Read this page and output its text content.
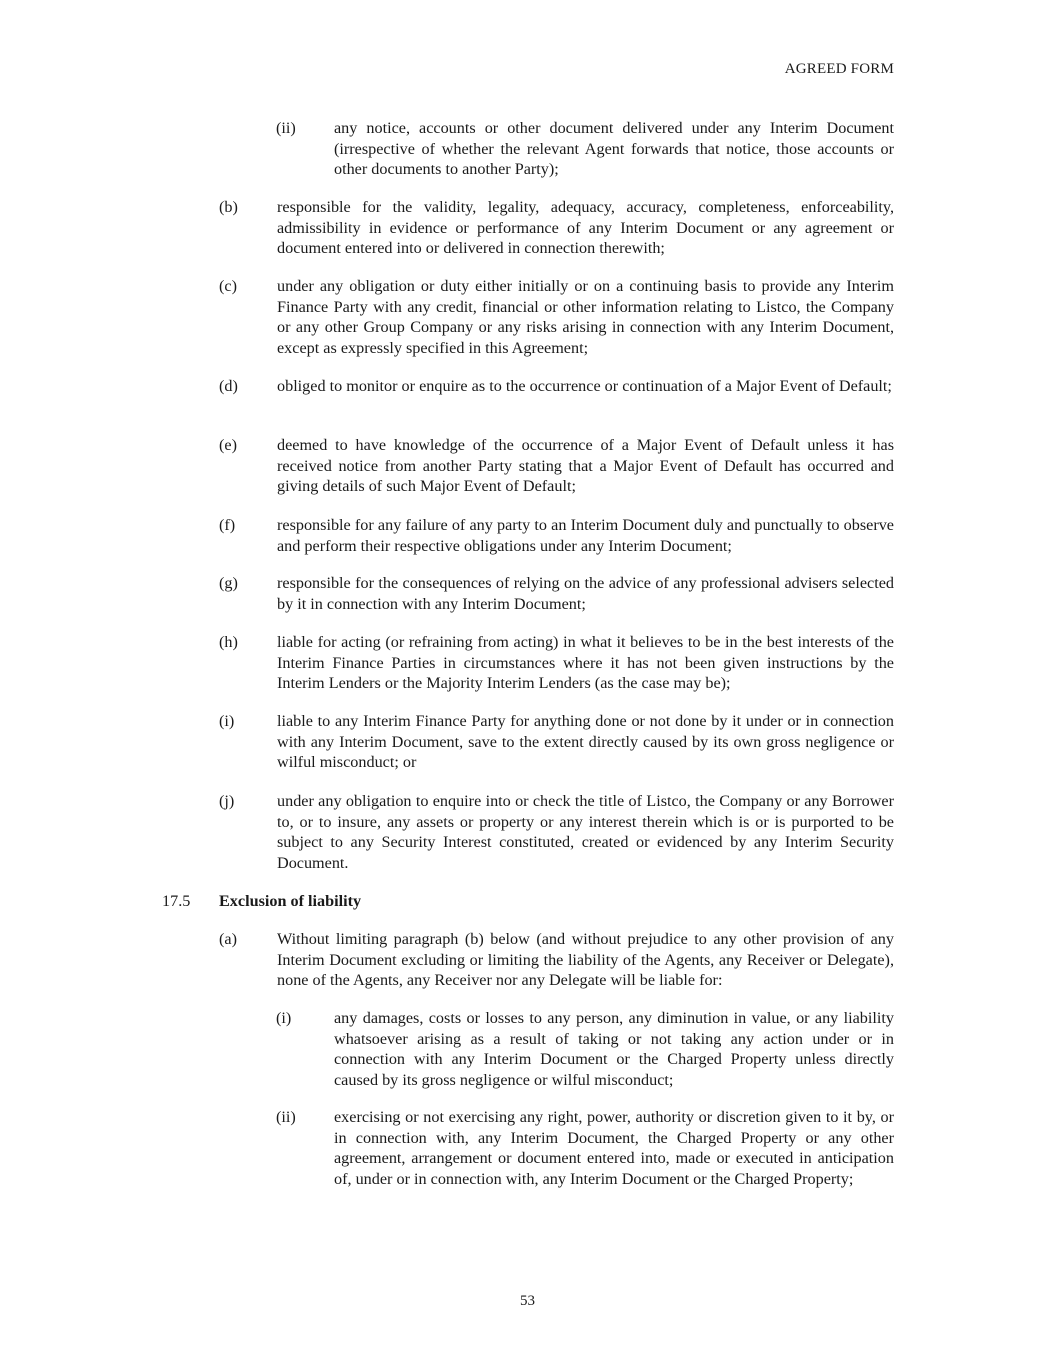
AGREED FORM
(ii) any notice, accounts or other document delivered under any Interim Document (irrespective of whether the relevant Agent forwards that notice, those accounts or other documents to another Party);
(b) responsible for the validity, legality, adequacy, accuracy, completeness, enforceability, admissibility in evidence or performance of any Interim Document or any agreement or document entered into or delivered in connection therewith;
(c) under any obligation or duty either initially or on a continuing basis to provide any Interim Finance Party with any credit, financial or other information relating to Listco, the Company or any other Group Company or any risks arising in connection with any Interim Document, except as expressly specified in this Agreement;
(d) obliged to monitor or enquire as to the occurrence or continuation of a Major Event of Default;
(e) deemed to have knowledge of the occurrence of a Major Event of Default unless it has received notice from another Party stating that a Major Event of Default has occurred and giving details of such Major Event of Default;
(f)	responsible for any failure of any party to an Interim Document duly and punctually to observe and perform their respective obligations under any Interim Document;
(g) responsible for the consequences of relying on the advice of any professional advisers selected by it in connection with any Interim Document;
(h) liable for acting (or refraining from acting) in what it believes to be in the best interests of the Interim Finance Parties in circumstances where it has not been given instructions by the Interim Lenders or the Majority Interim Lenders (as the case may be);
(i)	liable to any Interim Finance Party for anything done or not done by it under or in connection with any Interim Document, save to the extent directly caused by its own gross negligence or wilful misconduct; or
(j)	under any obligation to enquire into or check the title of Listco, the Company or any Borrower to, or to insure, any assets or property or any interest therein which is or is purported to be subject to any Security Interest constituted, created or evidenced by any Interim Security Document.
17.5 Exclusion of liability
(a) Without limiting paragraph (b) below (and without prejudice to any other provision of any Interim Document excluding or limiting the liability of the Agents, any Receiver or Delegate), none of the Agents, any Receiver nor any Delegate will be liable for:
(i)	any damages, costs or losses to any person, any diminution in value, or any liability whatsoever arising as a result of taking or not taking any action under or in connection with any Interim Document or the Charged Property unless directly caused by its gross negligence or wilful misconduct;
(ii) exercising or not exercising any right, power, authority or discretion given to it by, or in connection with, any Interim Document, the Charged Property or any other agreement, arrangement or document entered into, made or executed in anticipation of, under or in connection with, any Interim Document or the Charged Property;
53
